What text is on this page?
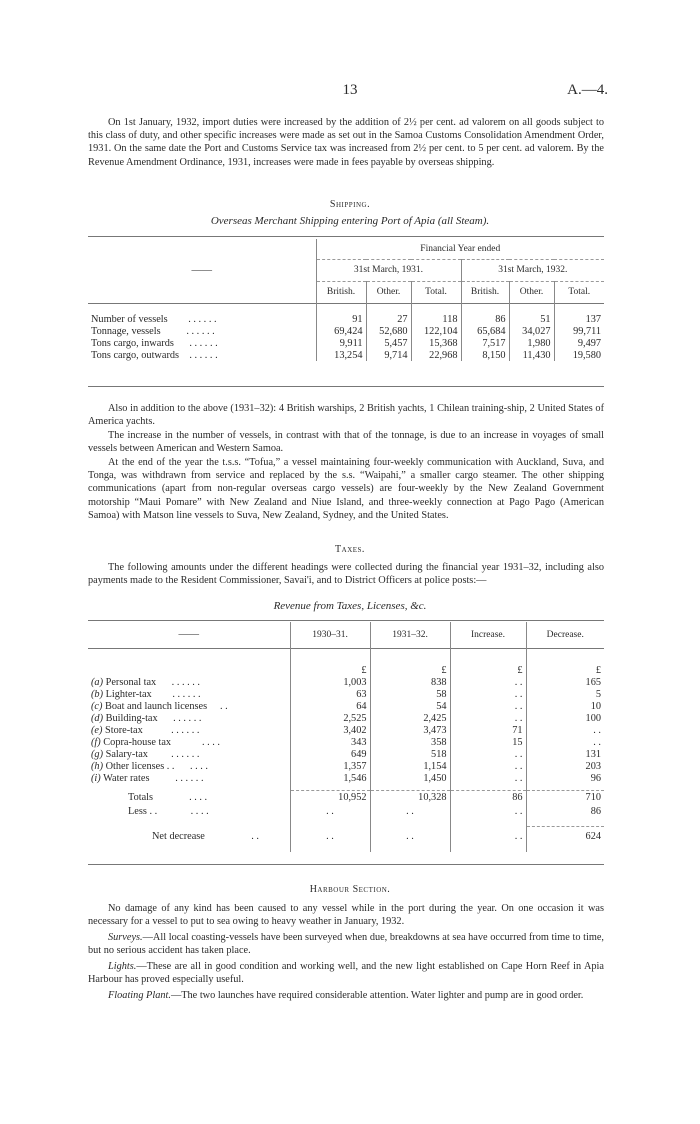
13	A.—4.

On 1st January, 1932, import duties were increased by the addition of 2½ per cent. ad valorem on all goods subject to this class of duty, and other specific increases were made as set out in the Samoa Customs Consolidation Amendment Order, 1931. On the same date the Port and Customs Service tax was increased from 2½ per cent. to 5 per cent. ad valorem. By the Revenue Amendment Ordinance, 1931, increases were made in fees payable by overseas shipping.

Shipping.
Overseas Merchant Shipping entering Port of Apia (all Steam).
——	Financial Year ended					
	31st March, 1931.			31st March, 1932.		
	British.	Other.	Total.	British.	Other.	Total.

Number of vessels . . . . . .	91	27	118	86	51	137
Tonnage, vessels . . . . . .	69,424	52,680	122,104	65,684	34,027	99,711
Tons cargo, inwards . . . . . .	9,911	5,457	15,368	7,517	1,980	9,497
Tons cargo, outwards . . . . . .	13,254	9,714	22,968	8,150	11,430	19,580

Also in addition to the above (1931–32): 4 British warships, 2 British yachts, 1 Chilean training-ship, 2 United States of America yachts.

The increase in the number of vessels, in contrast with that of the tonnage, is due to an increase in voyages of small vessels between American and Western Samoa.

At the end of the year the t.s.s. “Tofua,” a vessel maintaining four-weekly communication with Auckland, Suva, and Tonga, was withdrawn from service and replaced by the s.s. “Waipahi,” a smaller cargo steamer. The other shipping communications (apart from non-regular overseas cargo vessels) are four-weekly by the New Zealand Government motorship “Maui Pomare” with New Zealand and Niue Island, and three-weekly connection at Pago Pago (American Samoa) with Matson line vessels to Suva, New Zealand, Sydney, and the United States.

Taxes.

The following amounts under the different headings were collected during the financial year 1931–32, including also payments made to the Resident Commissioner, Savai'i, and to District Officers at police posts:—

Revenue from Taxes, Licenses, &c.
——	1930–31.	1931–32.	Increase.	Decrease.

	£	£	£	£
(a) Personal tax . . . . . .	1,003	838	. .	165
(b) Lighter-tax . . . . . .	63	58	. .	5
(c) Boat and launch licenses . .	64	54	. .	10
(d) Building-tax . . . . . .	2,525	2,425	. .	100
(e) Store-tax . . . . . .	3,402	3,473	71	. .
(f) Copra-house tax . . . .	343	358	15	. .
(g) Salary-tax . . . . . .	649	518	. .	131
(h) Other licenses . . . . . .	1,357	1,154	. .	203
(i) Water rates . . . . . .	1,546	1,450	. .	96

Totals . . . .	10,952	10,328	86	710
Less . . . . . .	. .	. .	. .	86

Net decrease . .	. .	. .	. .	624

Harbour Section.

No damage of any kind has been caused to any vessel while in the port during the year. On one occasion it was necessary for a vessel to put to sea owing to heavy weather in January, 1932.

Surveys.—All local coasting-vessels have been surveyed when due, breakdowns at sea have occurred from time to time, but no serious accident has taken place.

Lights.—These are all in good condition and working well, and the new light established on Cape Horn Reef in Apia Harbour has proved especially useful.

Floating Plant.—The two launches have required considerable attention. Water lighter and pump are in good order.
